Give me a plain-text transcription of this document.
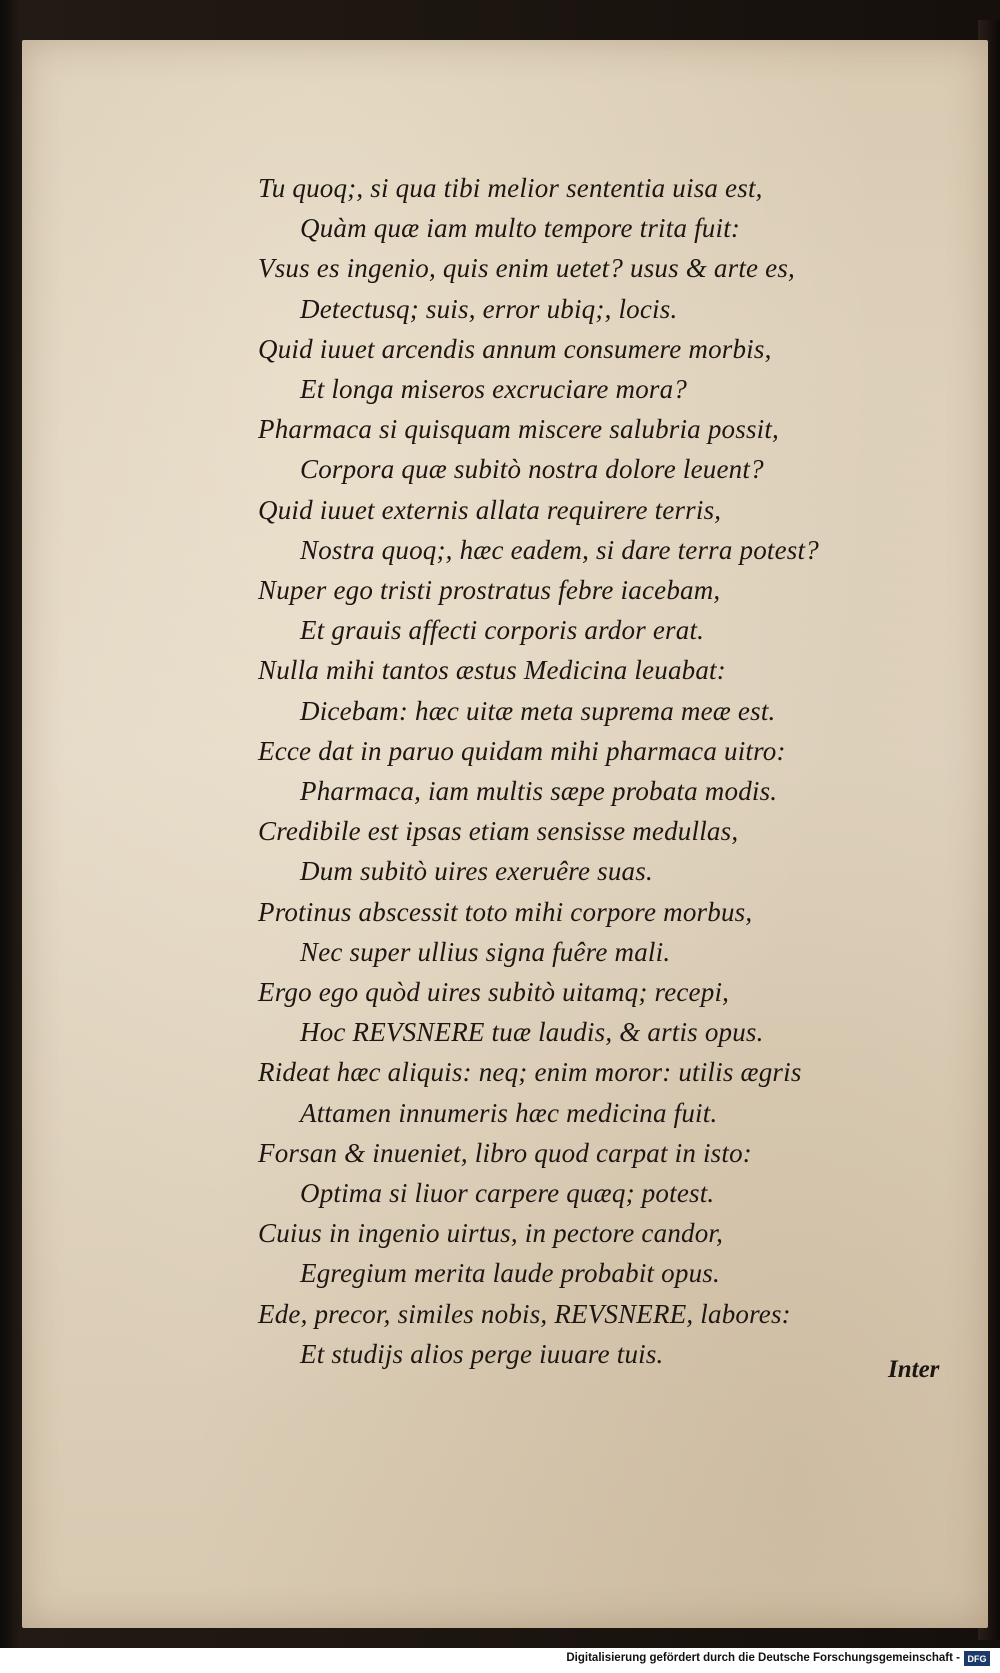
Tu quoq;, si qua tibi melior sententia uisa est,
Quàm quæ iam multo tempore trita fuit:
Vsus es ingenio, quis enim uetet? usus & arte es,
Detectusq; suis, error ubiq;, locis.
Quid iuuet arcendis annum consumere morbis,
Et longa miseros excruciare mora?
Pharmaca si quisquam miscere salubria possit,
Corpora quæ subitò nostra dolore leuent?
Quid iuuet externis allata requirere terris,
Nostra quoq;, hæc eadem, si dare terra potest?
Nuper ego tristi prostratus febre iacebam,
Et grauis affecti corporis ardor erat.
Nulla mihi tantos æstus Medicina leuabat:
Dicebam: hæc uitæ meta suprema meæ est.
Ecce dat in paruo quidam mihi pharmaca uitro:
Pharmaca, iam multis sæpe probata modis.
Credibile est ipsas etiam sensisse medullas,
Dum subitò uires exeruêre suas.
Protinus abscessit toto mihi corpore morbus,
Nec super ullius signa fuêre mali.
Ergo ego quòd uires subitò uitamq; recepi,
Hoc REVSNERE tuæ laudis, & artis opus.
Rideat hæc aliquis: neq; enim moror: utilis ægris
Attamen innumeris hæc medicina fuit.
Forsan & inueniet, libro quod carpat in isto:
Optima si liuor carpere quæq; potest.
Cuius in ingenio uirtus, in pectore candor,
Egregium merita laude probabit opus.
Ede, precor, similes nobis, REVSNERE, labores:
Et studijs alios perge iuuare tuis.
Inter
Digitalisierung gefördert durch die Deutsche Forschungsgemeinschaft - DFG
